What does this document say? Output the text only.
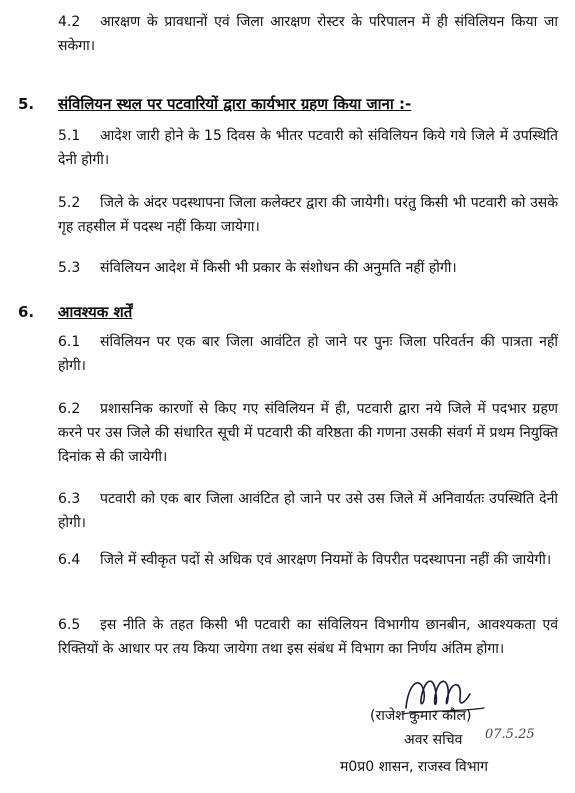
4.2 आरक्षण के प्रावधानों एवं जिला आरक्षण रोस्टर के परिपालन में ही संविलियन किया जा सकेगा।
5. संविलियन स्थल पर पटवारियों द्वारा कार्यभार ग्रहण किया जाना :-
5.1 आदेश जारी होने के 15 दिवस के भीतर पटवारी को संविलियन किये गये जिले में उपस्थिति देनी होगी।
5.2 जिले के अंदर पदस्थापना जिला कलेक्टर द्वारा की जायेगी। परंतु किसी भी पटवारी को उसके गृह तहसील में पदस्थ नहीं किया जायेगा।
5.3 संविलियन आदेश में किसी भी प्रकार के संशोधन की अनुमति नहीं होगी।
6. आवश्यक शर्तें
6.1 संविलियन पर एक बार जिला आवंटित हो जाने पर पुनः जिला परिवर्तन की पात्रता नहीं होगी।
6.2 प्रशासनिक कारणों से किए गए संविलियन में ही, पटवारी द्वारा नये जिले में पदभार ग्रहण करने पर उस जिले की संधारित सूची में पटवारी की वरिष्ठता की गणना उसकी संवर्ग में प्रथम नियुक्ति दिनांक से की जायेगी।
6.3 पटवारी को एक बार जिला आवंटित हो जाने पर उसे उस जिले में अनिवार्यतः उपस्थिति देनी होगी।
6.4 जिले में स्वीकृत पदों से अधिक एवं आरक्षण नियमों के विपरीत पदस्थापना नहीं की जायेगी।
6.5 इस नीति के तहत किसी भी पटवारी का संविलियन विभागीय छानबीन, आवश्यकता एवं रिक्तियों के आधार पर तय किया जायेगा तथा इस संबंध में विभाग का निर्णय अंतिम होगा।
(राजेश कुमार कौल)
07.5.25
अवर सचिव
म0प्र0 शासन, राजस्व विभाग
